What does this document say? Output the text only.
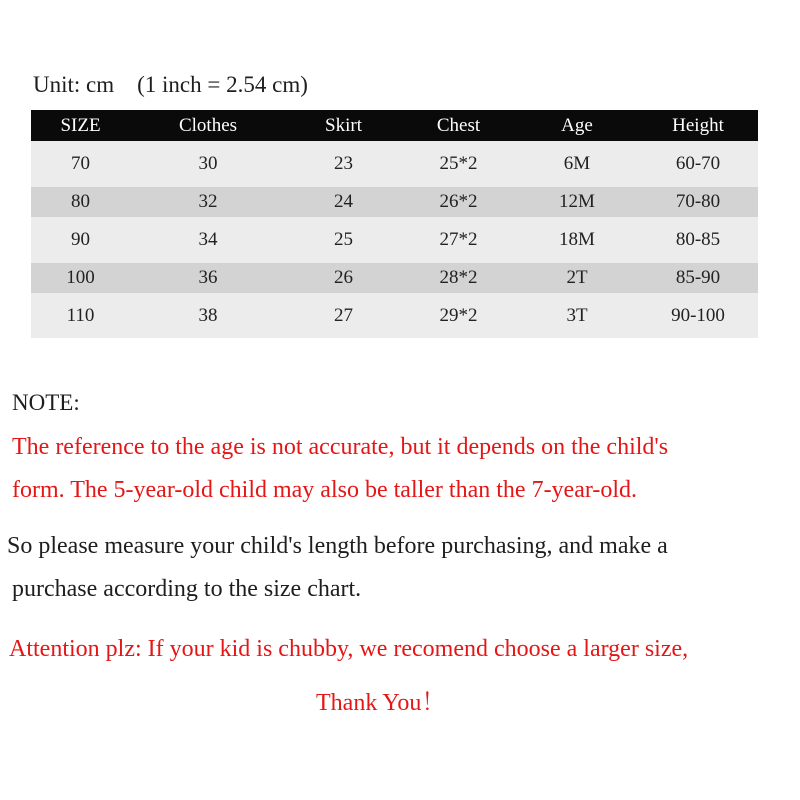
Unit: cm    (1 inch = 2.54 cm)
SIZE	Clothes	Skirt	Chest	Age	Height
70	30	23	25*2	6M	60-70
80	32	24	26*2	12M	70-80
90	34	25	27*2	18M	80-85
100	36	26	28*2	2T	85-90
110	38	27	29*2	3T	90-100
NOTE:
The reference to the age is not accurate, but it depends on the child's
form. The 5-year-old child may also be taller than the 7-year-old.
So please measure your child's length before purchasing, and make a
purchase according to the size chart.
Attention plz: If your kid is chubby, we recomend choose a larger size,
Thank You！
